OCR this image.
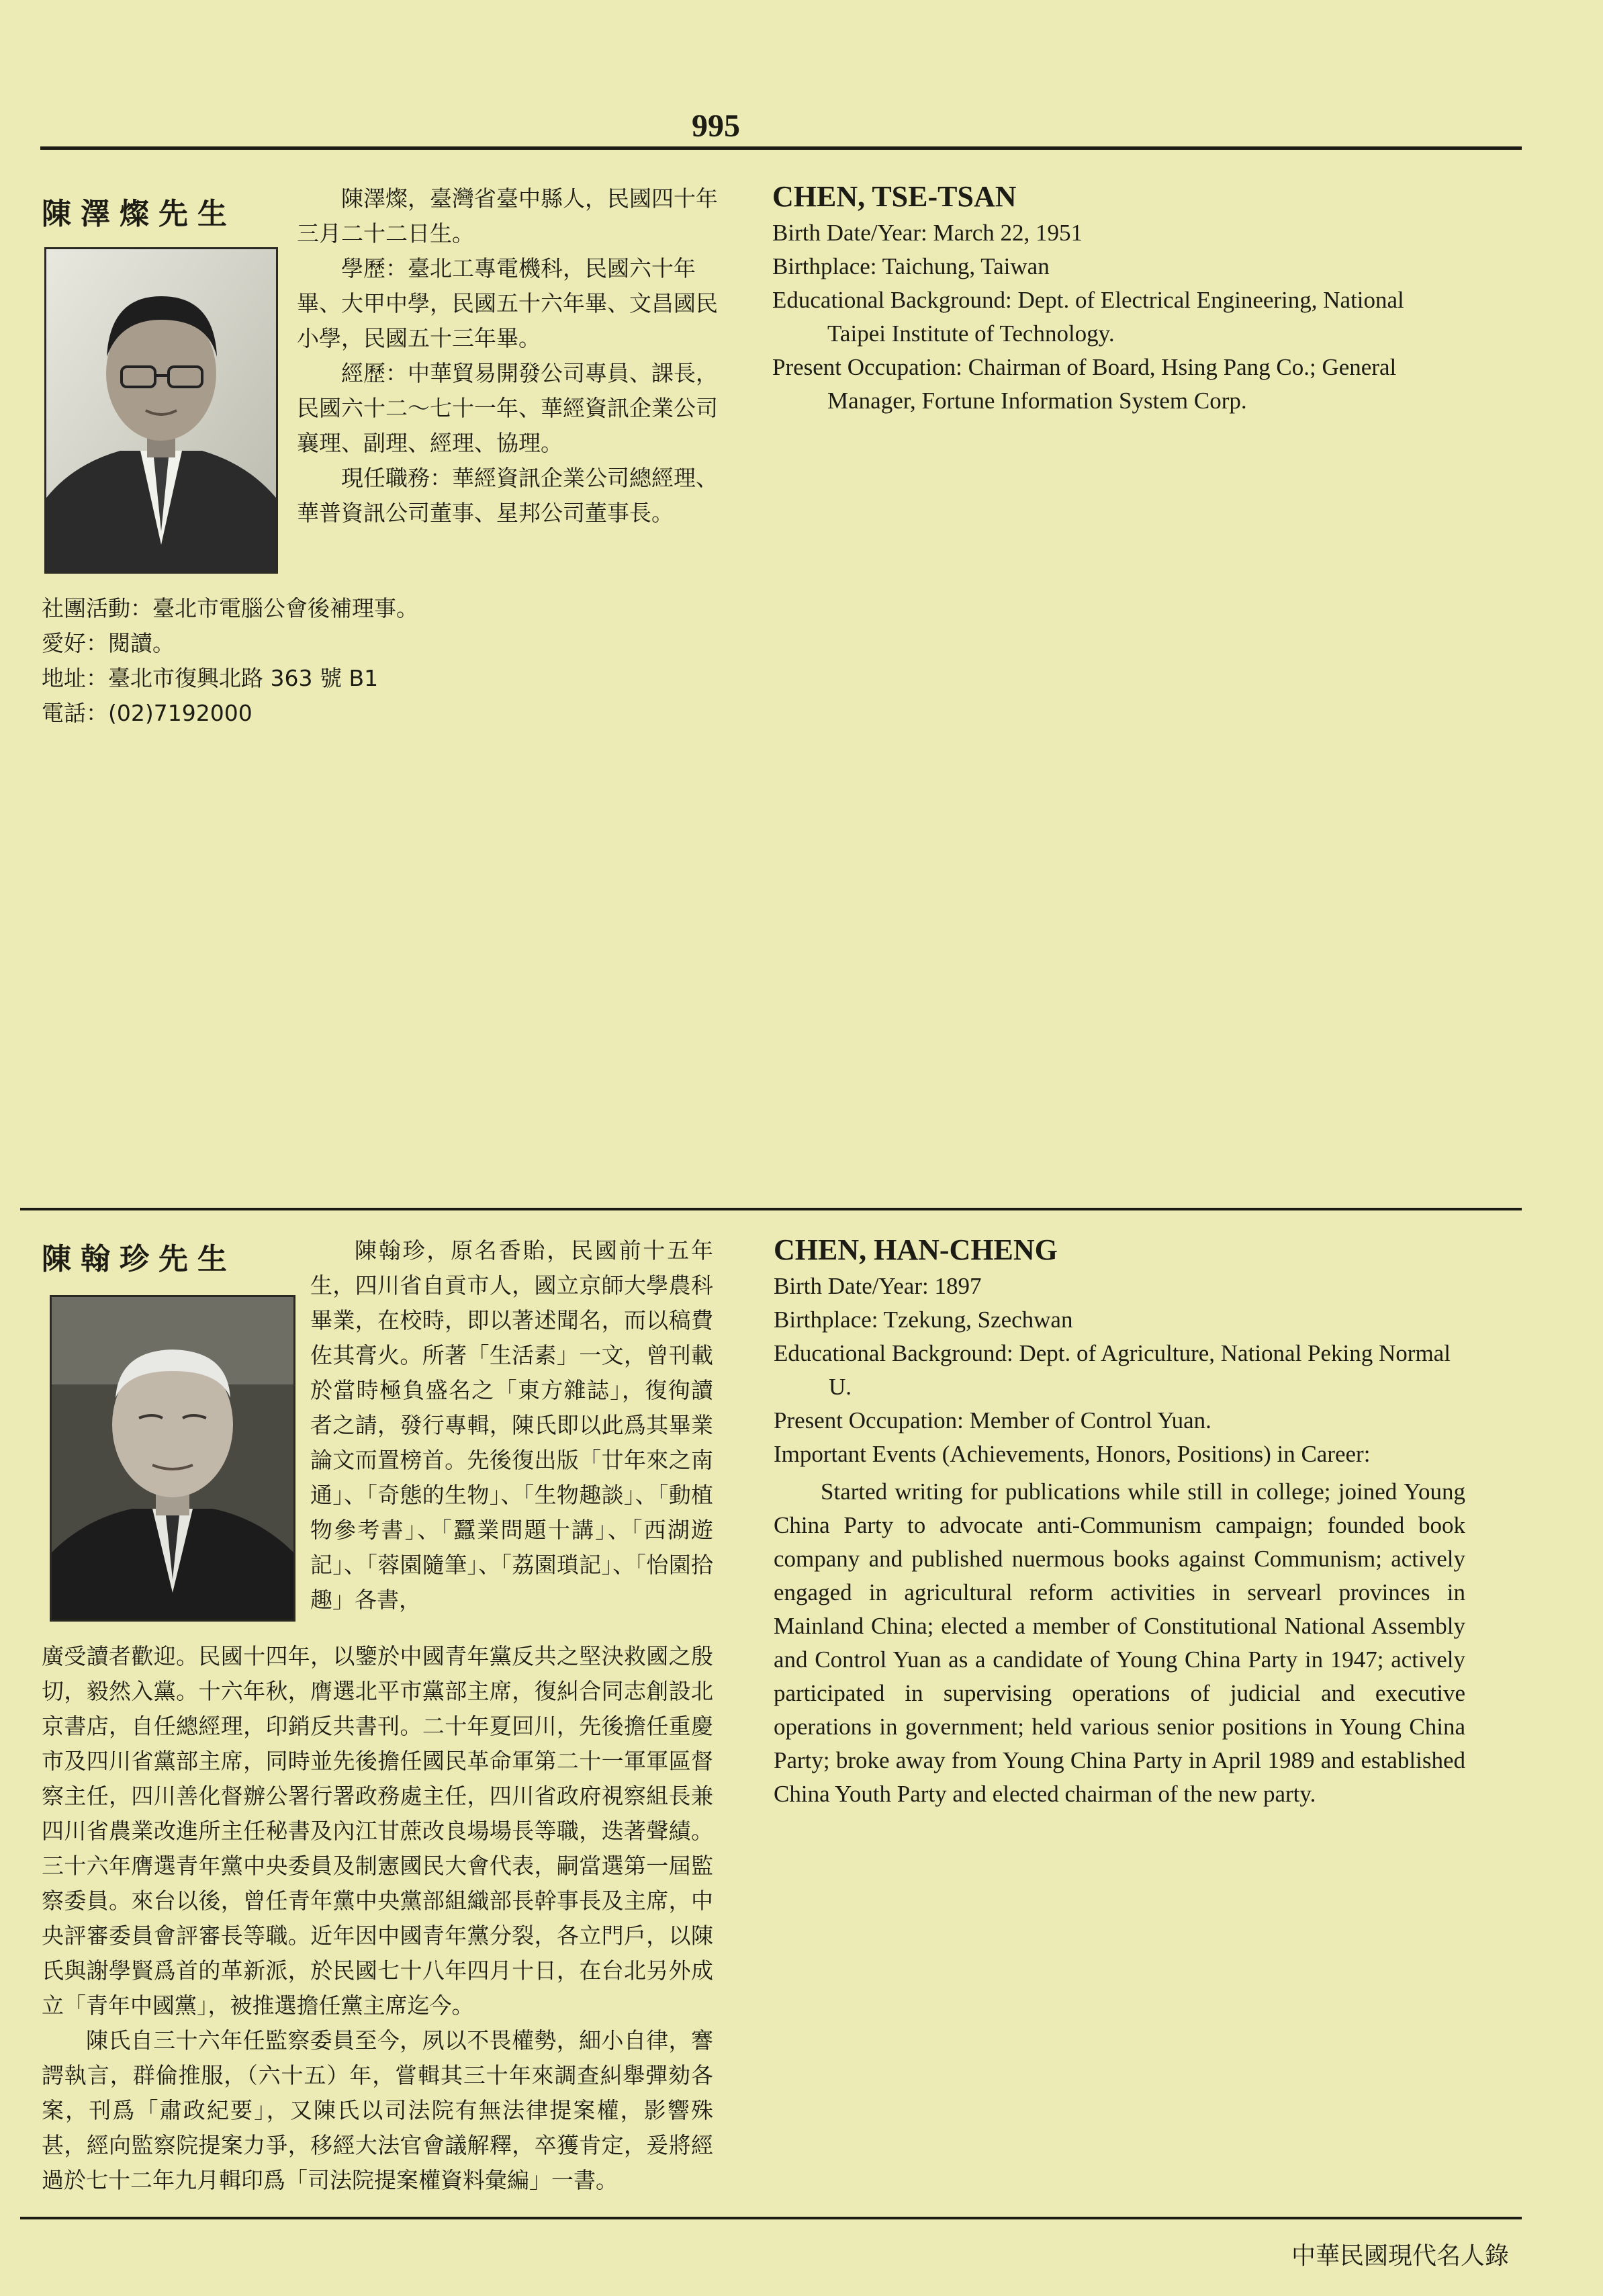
995
陳澤燦先生	陳澤燦，臺灣省臺中縣人，民國四十年三月二十二日生。

學歷：臺北工專電機科，民國六十年畢、大甲中學，民國五十六年畢、文昌國民小學，民國五十三年畢。

經歷：中華貿易開發公司專員、課長，民國六十二～七十一年、華經資訊企業公司襄理、副理、經理、協理。

現任職務：華經資訊企業公司總經理、華普資訊公司董事、星邦公司董事長。

社團活動：臺北市電腦公會後補理事。

愛好：閱讀。

地址：臺北市復興北路 363 號 B1

電話：(02)7192000

CHEN, TSE-TSAN

Birth Date/Year: March 22, 1951

Birthplace: Taichung, Taiwan

Educational Background: Dept. of Electrical Engineering, National Taipei Institute of Technology.

Present Occupation: Chairman of Board, Hsing Pang Co.; General Manager, Fortune Information System Corp.

陳翰珍先生	陳翰珍，原名香貽，民國前十五年生，四川省自貢市人，國立京師大學農科畢業，在校時，即以著述聞名，而以稿費佐其膏火。所著「生活素」一文，曾刊載於當時極負盛名之「東方雜誌」，復徇讀者之請，發行專輯，陳氏即以此爲其畢業論文而置榜首。先後復出版「廿年來之南通」、「奇態的生物」、「生物趣談」、「動植物參考書」、「蠶業問題十講」、「西湖遊記」、「蓉園隨筆」、「荔園瑣記」、「怡園拾趣」各書，

廣受讀者歡迎。民國十四年，以鑒於中國青年黨反共之堅決救國之殷切，毅然入黨。十六年秋，膺選北平市黨部主席，復糾合同志創設北京書店，自任總經理，印銷反共書刊。二十年夏回川，先後擔任重慶市及四川省黨部主席，同時並先後擔任國民革命軍第二十一軍軍區督察主任，四川善化督辦公署行署政務處主任，四川省政府視察組長兼四川省農業改進所主任秘書及內江甘蔗改良場場長等職，迭著聲績。三十六年膺選青年黨中央委員及制憲國民大會代表，嗣當選第一屆監察委員。來台以後，曾任青年黨中央黨部組織部長幹事長及主席，中央評審委員會評審長等職。近年因中國青年黨分裂，各立門戶，以陳氏與謝學賢爲首的革新派，於民國七十八年四月十日，在台北另外成立「青年中國黨」，被推選擔任黨主席迄今。

陳氏自三十六年任監察委員至今，夙以不畏權勢，細小自律，謇諤執言，群倫推服，（六十五）年，嘗輯其三十年來調查糾舉彈劾各案，刊爲「肅政紀要」，又陳氏以司法院有無法律提案權，影響殊甚，經向監察院提案力爭，移經大法官會議解釋，卒獲肯定，爰將經過於七十二年九月輯印爲「司法院提案權資料彙編」一書。

CHEN, HAN-CHENG

Birth Date/Year: 1897

Birthplace: Tzekung, Szechwan

Educational Background: Dept. of Agriculture, National Peking Normal U.

Present Occupation: Member of Control Yuan.

Important Events (Achievements, Honors, Positions) in Career:

Started writing for publications while still in college; joined Young China Party to advocate anti-Communism campaign; founded book company and published nuermous books against Communism; actively engaged in agricultural reform activities in servearl provinces in Mainland China; elected a member of Constitutional National Assembly and Control Yuan as a candidate of Young China Party in 1947; actively participated in supervising operations of judicial and executive operations in government; held various senior positions in Young China Party; broke away from Young China Party in April 1989 and established China Youth Party and elected chairman of the new party.

中華民國現代名人錄
